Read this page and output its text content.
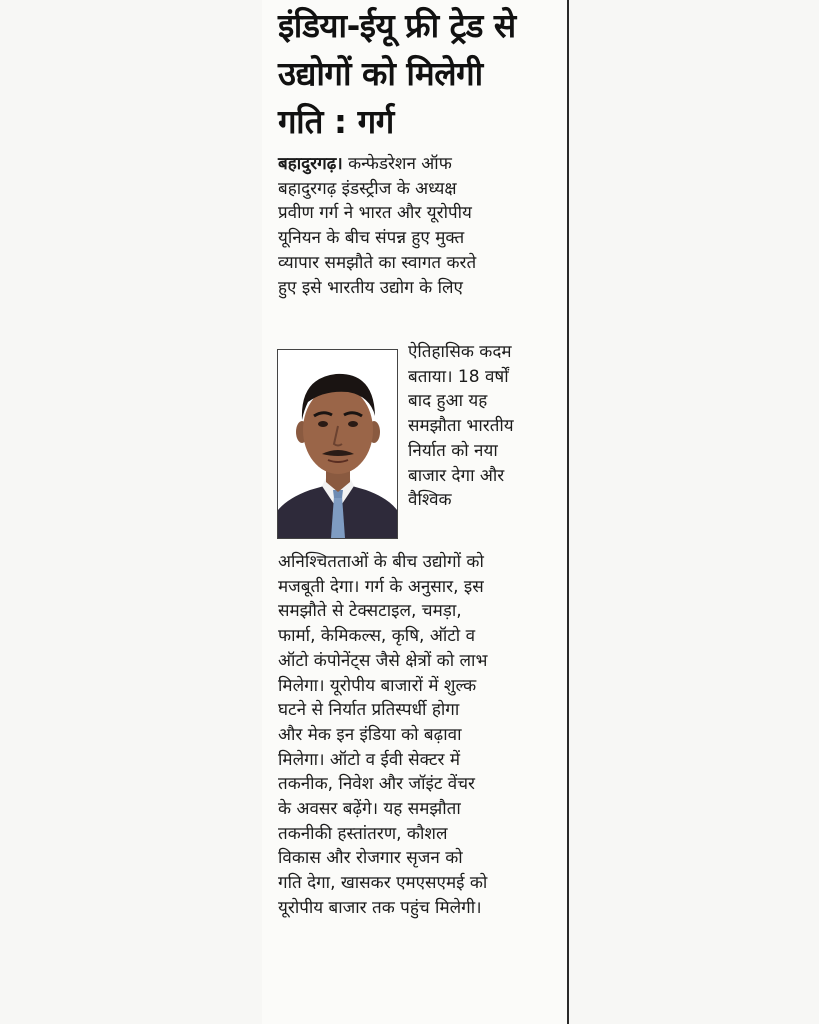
इंडिया-ईयू फ्री ट्रेड से
उद्योगों को मिलेगी
गति : गर्ग
बहादुरगढ़। कन्फेडरेशन ऑफ
बहादुरगढ़ इंडस्ट्रीज के अध्यक्ष
प्रवीण गर्ग ने भारत और यूरोपीय
यूनियन के बीच संपन्न हुए मुक्त
व्यापार समझौते का स्वागत करते
हुए इसे भारतीय उद्योग के लिए
ऐतिहासिक कदम
बताया। 18 वर्षों
बाद हुआ यह
समझौता भारतीय
निर्यात को नया
बाजार देगा और
वैश्विक
अनिश्चितताओं के बीच उद्योगों को
मजबूती देगा। गर्ग के अनुसार, इस
समझौते से टेक्सटाइल, चमड़ा,
फार्मा, केमिकल्स, कृषि, ऑटो व
ऑटो कंपोनेंट्स जैसे क्षेत्रों को लाभ
मिलेगा। यूरोपीय बाजारों में शुल्क
घटने से निर्यात प्रतिस्पर्धी होगा
और मेक इन इंडिया को बढ़ावा
मिलेगा। ऑटो व ईवी सेक्टर में
तकनीक, निवेश और जॉइंट वेंचर
के अवसर बढ़ेंगे। यह समझौता
तकनीकी हस्तांतरण, कौशल
विकास और रोजगार सृजन को
गति देगा, खासकर एमएसएमई को
यूरोपीय बाजार तक पहुंच मिलेगी।
